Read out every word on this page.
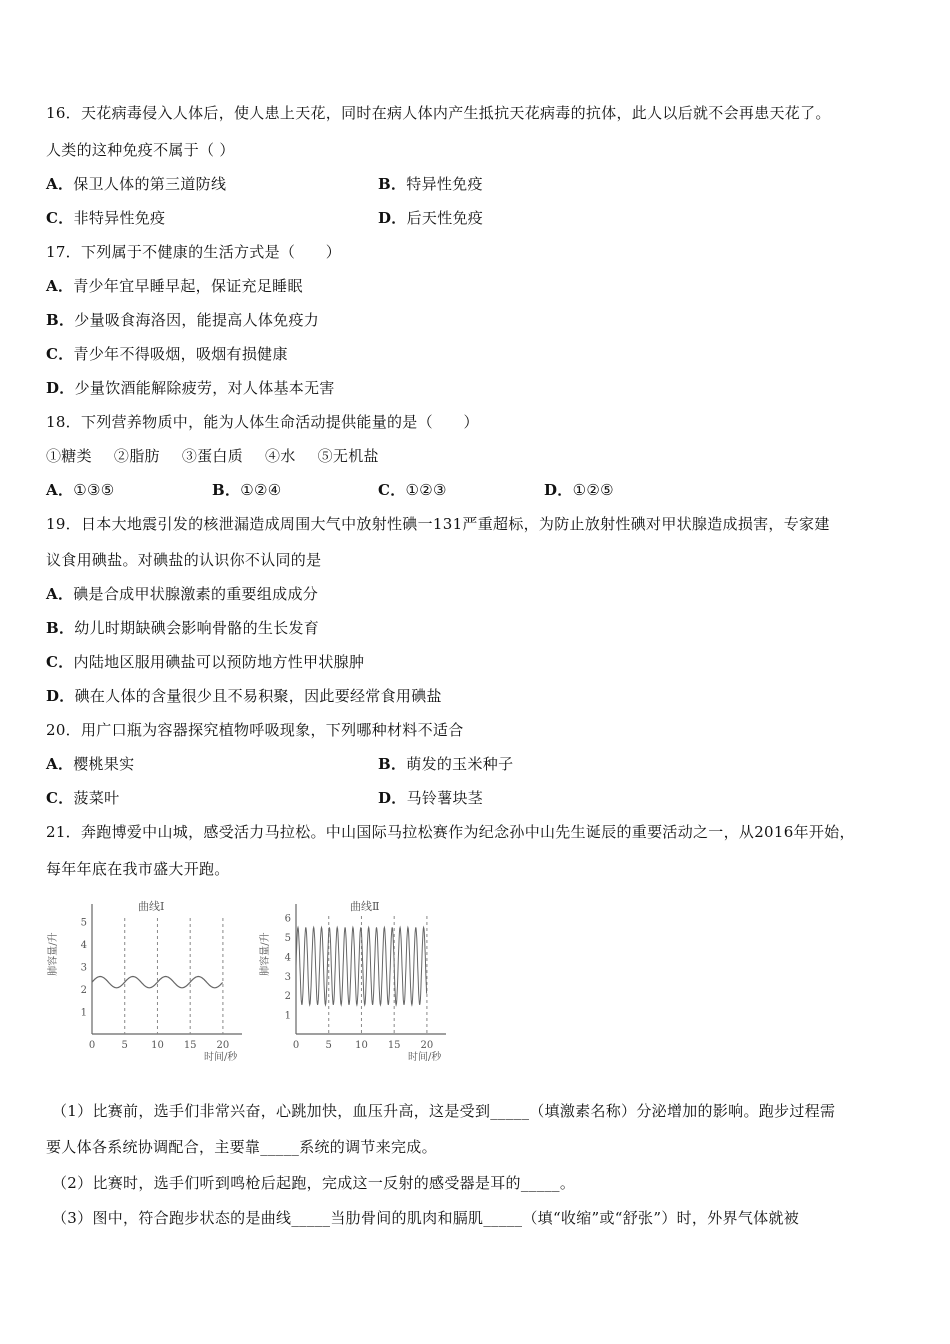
16．天花病毒侵入人体后，使人患上天花，同时在病人体内产生抵抗天花病毒的抗体，此人以后就不会再患天花了。
人类的这种免疫不属于（ ）
A．保卫人体的第三道防线	B．特异性免疫
C．非特异性免疫	D．后天性免疫
17．下列属于不健康的生活方式是（　　）
A．青少年宜早睡早起，保证充足睡眠
B．少量吸食海洛因，能提高人体免疫力
C．青少年不得吸烟，吸烟有损健康
D．少量饮酒能解除疲劳，对人体基本无害
18．下列营养物质中，能为人体生命活动提供能量的是（　　）
①糖类 ②脂肪 ③蛋白质 ④水 ⑤无机盐
A．①③⑤	B．①②④	C．①②③	D．①②⑤
19．日本大地震引发的核泄漏造成周围大气中放射性碘一131严重超标，为防止放射性碘对甲状腺造成损害，专家建
议食用碘盐。对碘盐的认识你不认同的是
A．碘是合成甲状腺激素的重要组成成分
B．幼儿时期缺碘会影响骨骼的生长发育
C．内陆地区服用碘盐可以预防地方性甲状腺肿
D．碘在人体的含量很少且不易积聚，因此要经常食用碘盐
20．用广口瓶为容器探究植物呼吸现象，下列哪种材料不适合
A．樱桃果实	B．萌发的玉米种子
C．菠菜叶	D．马铃薯块茎
21．奔跑博爱中山城，感受活力马拉松。中山国际马拉松赛作为纪念孙中山先生诞辰的重要活动之一，从2016年开始，
每年年底在我市盛大开跑。
曲线Ⅰ
肺容量/升
时间/秒
0	5 10 15 20
1
2
3
4
5
曲线Ⅱ
肺容量/升
时间/秒
0	5 10 15 20
1
2
3
4
5
6
（1）比赛前，选手们非常兴奋，心跳加快，血压升高，这是受到_____（填激素名称）分泌增加的影响。跑步过程需
要人体各系统协调配合，主要靠_____系统的调节来完成。
（2）比赛时，选手们听到鸣枪后起跑，完成这一反射的感受器是耳的_____。
（3）图中，符合跑步状态的是曲线_____当肋骨间的肌肉和膈肌_____（填“收缩”或“舒张”）时，外界气体就被
